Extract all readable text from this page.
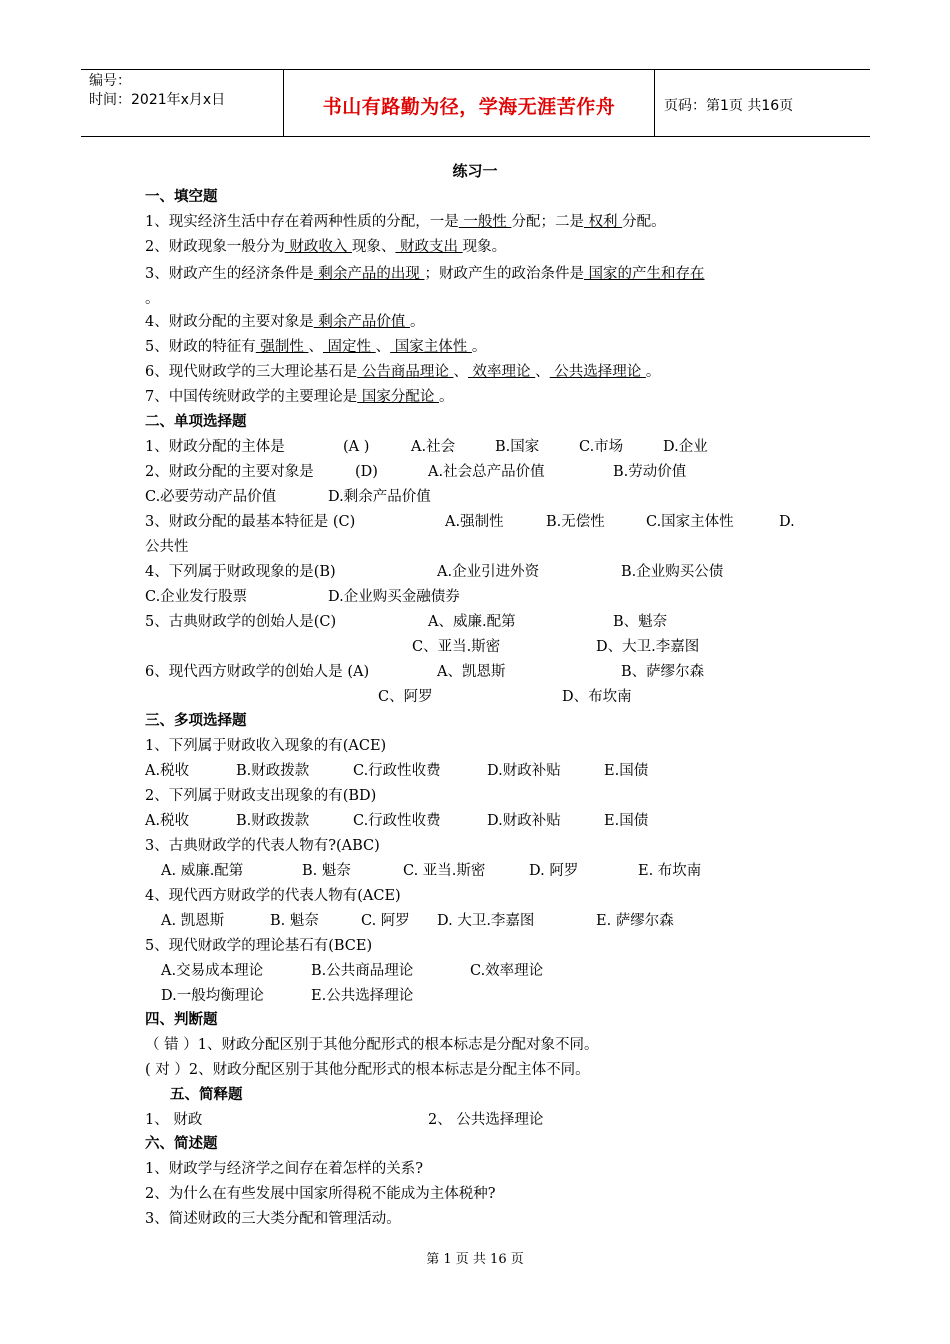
编号：
时间：2021年x月x日	书山有路勤为径，学海无涯苦作舟	页码：第1页 共16页
练习一
一、填空题
1、现实经济生活中存在着两种性质的分配，一是 一般性 分配；二是 权利 分配。
2、财政现象一般分为 财政收入 现象、 财政支出 现象。
3、财政产生的经济条件是 剩余产品的出现 ；财政产生的政治条件是 国家的产生和存在
。
4、财政分配的主要对象是 剩余产品价值 。
5、财政的特征有 强制性 、 固定性 、 国家主体性 。
6、现代财政学的三大理论基石是 公告商品理论 、 效率理论 、 公共选择理论 。
7、中国传统财政学的主要理论是 国家分配论 。
二、单项选择题
1、财政分配的主体是	(A )	A.社会	B.国家	C.市场	D.企业
2、财政分配的主要对象是	(D)	A.社会总产品价值	B.劳动价值
C.必要劳动产品价值	D.剩余产品价值
3、财政分配的最基本特征是 (C)	A.强制性	B.无偿性	C.国家主体性	D.
公共性
4、下列属于财政现象的是(B)	A.企业引进外资	B.企业购买公债
C.企业发行股票	D.企业购买金融债券
5、古典财政学的创始人是(C)	A、威廉.配第	B、魁奈
C、亚当.斯密	D、大卫.李嘉图
6、现代西方财政学的创始人是 (A)	A、凯恩斯	B、萨缪尔森
C、阿罗	D、布坎南
三、多项选择题
1、下列属于财政收入现象的有(ACE)
A.税收	B.财政拨款	C.行政性收费	D.财政补贴	E.国债
2、下列属于财政支出现象的有(BD)
A.税收	B.财政拨款	C.行政性收费	D.财政补贴	E.国债
3、古典财政学的代表人物有?(ABC)
A. 威廉.配第	B. 魁奈	C. 亚当.斯密	D. 阿罗	E. 布坎南
4、现代西方财政学的代表人物有(ACE)
A. 凯恩斯	B. 魁奈	C. 阿罗 D. 大卫.李嘉图	E. 萨缪尔森
5、现代财政学的理论基石有(BCE)
A.交易成本理论	B.公共商品理论	C.效率理论
D.一般均衡理论	E.公共选择理论
四、判断题
（ 错 ）1、财政分配区别于其他分配形式的根本标志是分配对象不同。
( 对 ）2、财政分配区别于其他分配形式的根本标志是分配主体不同。
五、简释题
1、 财政	2、 公共选择理论
六、简述题
1、财政学与经济学之间存在着怎样的关系?
2、为什么在有些发展中国家所得税不能成为主体税种?
3、简述财政的三大类分配和管理活动。
第 1 页 共 16 页
